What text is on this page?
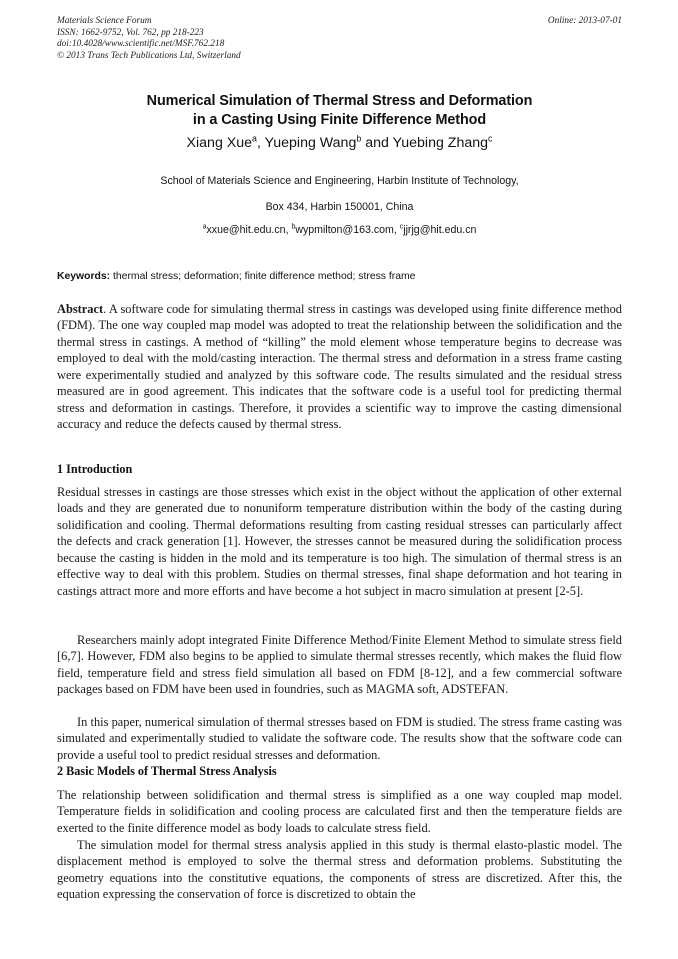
Materials Science Forum	Online: 2013-07-01
ISSN: 1662-9752, Vol. 762, pp 218-223
doi:10.4028/www.scientific.net/MSF.762.218
© 2013 Trans Tech Publications Ltd, Switzerland
Numerical Simulation of Thermal Stress and Deformation
in a Casting Using Finite Difference Method
Xiang Xue$^a$, Yueping Wang$^b$ and Yuebing Zhang$^c$
School of Materials Science and Engineering, Harbin Institute of Technology,
Box 434, Harbin 150001, China
$^a$xxue@hit.edu.cn, $^b$wypmilton@163.com, $^c$jjrjg@hit.edu.cn
Keywords: thermal stress; deformation; finite difference method; stress frame

Abstract. A software code for simulating thermal stress in castings was developed using finite difference method (FDM). The one way coupled map model was adopted to treat the relationship between the solidification and the thermal stress in castings. A method of “killing” the mold element whose temperature begins to decrease was employed to deal with the mold/casting interaction. The thermal stress and deformation in a stress frame casting were experimentally studied and analyzed by this software code. The results simulated and the residual stress measured are in good agreement. This indicates that the software code is a useful tool for predicting thermal stress and deformation in castings. Therefore, it provides a scientific way to improve the casting dimensional accuracy and reduce the defects caused by thermal stress.

1 Introduction

Residual stresses in castings are those stresses which exist in the object without the application of other external loads and they are generated due to nonuniform temperature distribution within the body of the casting during solidification and cooling. Thermal deformations resulting from casting residual stresses can particularly affect the defects and crack generation [1]. However, the stresses cannot be measured during the solidification process because the casting is hidden in the mold and its temperature is too high. The simulation of thermal stress is an effective way to deal with this problem. Studies on thermal stresses, final shape deformation and hot tearing in castings attract more and more efforts and have become a hot subject in macro simulation at present [2-5].

Researchers mainly adopt integrated Finite Difference Method/Finite Element Method to simulate stress field [6,7]. However, FDM also begins to be applied to simulate thermal stresses recently, which makes the fluid flow field, temperature field and stress field simulation all based on FDM [8-12], and a few commercial software packages based on FDM have been used in foundries, such as MAGMA soft, ADSTEFAN.

In this paper, numerical simulation of thermal stresses based on FDM is studied. The stress frame casting was simulated and experimentally studied to validate the software code. The results show that the software code can provide a useful tool to predict residual stresses and deformation.

2 Basic Models of Thermal Stress Analysis

The relationship between solidification and thermal stress is simplified as a one way coupled map model. Temperature fields in solidification and cooling process are calculated first and then the temperature fields are exerted to the finite difference model as body loads to calculate stress field.

The simulation model for thermal stress analysis applied in this study is thermal elasto-plastic model. The displacement method is employed to solve the thermal stress and deformation problems. Substituting the geometry equations into the constitutive equations, the components of stress are discretized. After this, the equation expressing the conservation of force is discretized to obtain the
